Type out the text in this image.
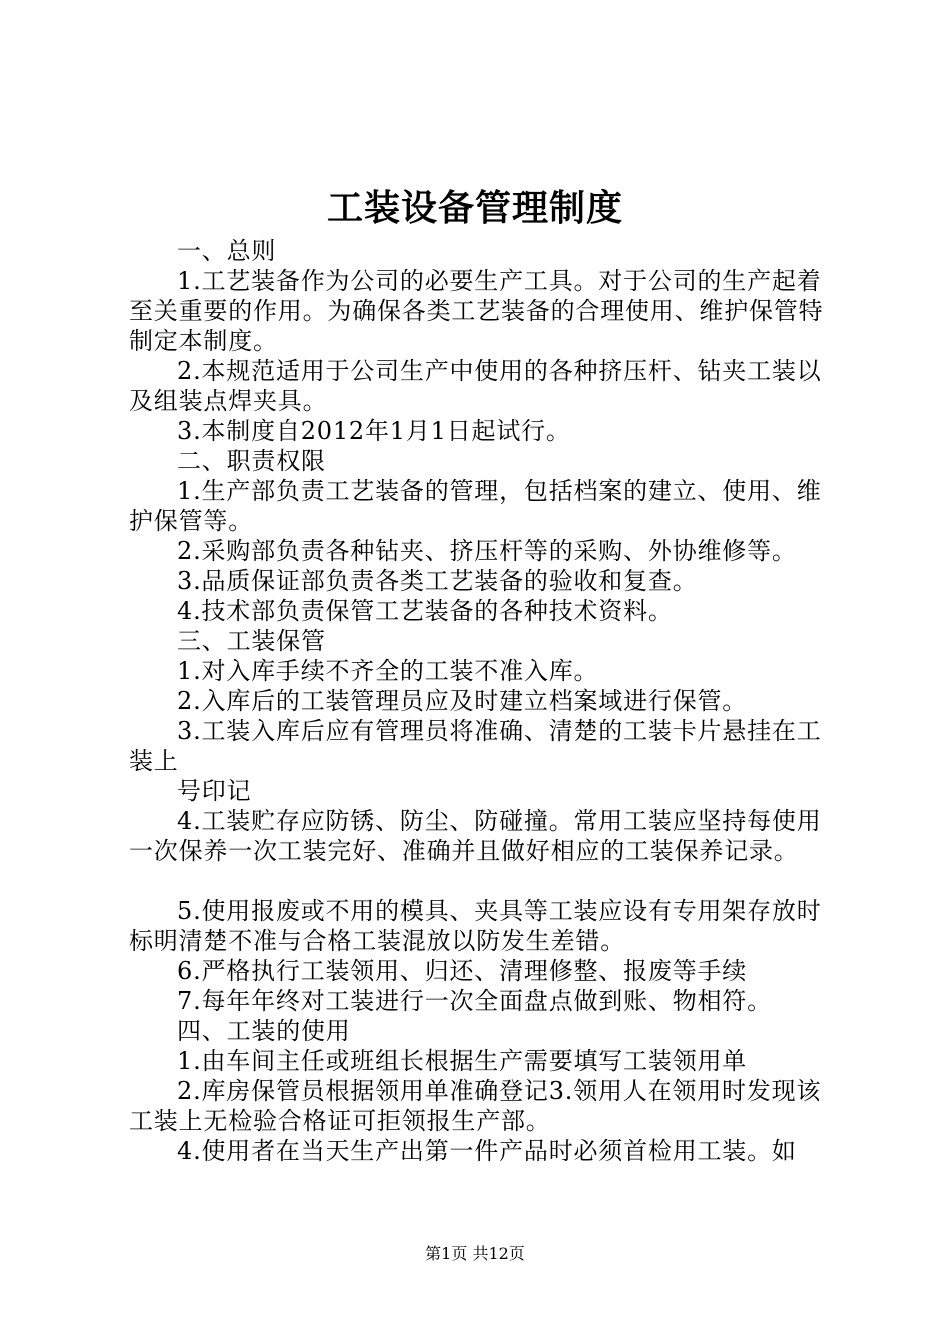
工装设备管理制度

一、总则

1.工艺装备作为公司的必要生产工具。对于公司的生产起着至关重要的作用。为确保各类工艺装备的合理使用、维护保管特制定本制度。

2.本规范适用于公司生产中使用的各种挤压杆、钻夹工装以及组装点焊夹具。

3.本制度自2012年1月1日起试行。

二、职责权限

1.生产部负责工艺装备的管理，包括档案的建立、使用、维护保管等。

2.采购部负责各种钻夹、挤压杆等的采购、外协维修等。

3.品质保证部负责各类工艺装备的验收和复查。

4.技术部负责保管工艺装备的各种技术资料。

三、工装保管

1.对入库手续不齐全的工装不准入库。

2.入库后的工装管理员应及时建立档案域进行保管。

3.工装入库后应有管理员将准确、清楚的工装卡片悬挂在工装上

号印记

4.工装贮存应防锈、防尘、防碰撞。常用工装应坚持每使用一次保养一次工装完好、准确并且做好相应的工装保养记录。

5.使用报废或不用的模具、夹具等工装应设有专用架存放时标明清楚不准与合格工装混放以防发生差错。

6.严格执行工装领用、归还、清理修整、报废等手续

7.每年年终对工装进行一次全面盘点做到账、物相符。

四、工装的使用

1.由车间主任或班组长根据生产需要填写工装领用单

2.库房保管员根据领用单准确登记3.领用人在领用时发现该工装上无检验合格证可拒领报生产部。

4.使用者在当天生产出第一件产品时必须首检用工装。如

第1页 共12页
